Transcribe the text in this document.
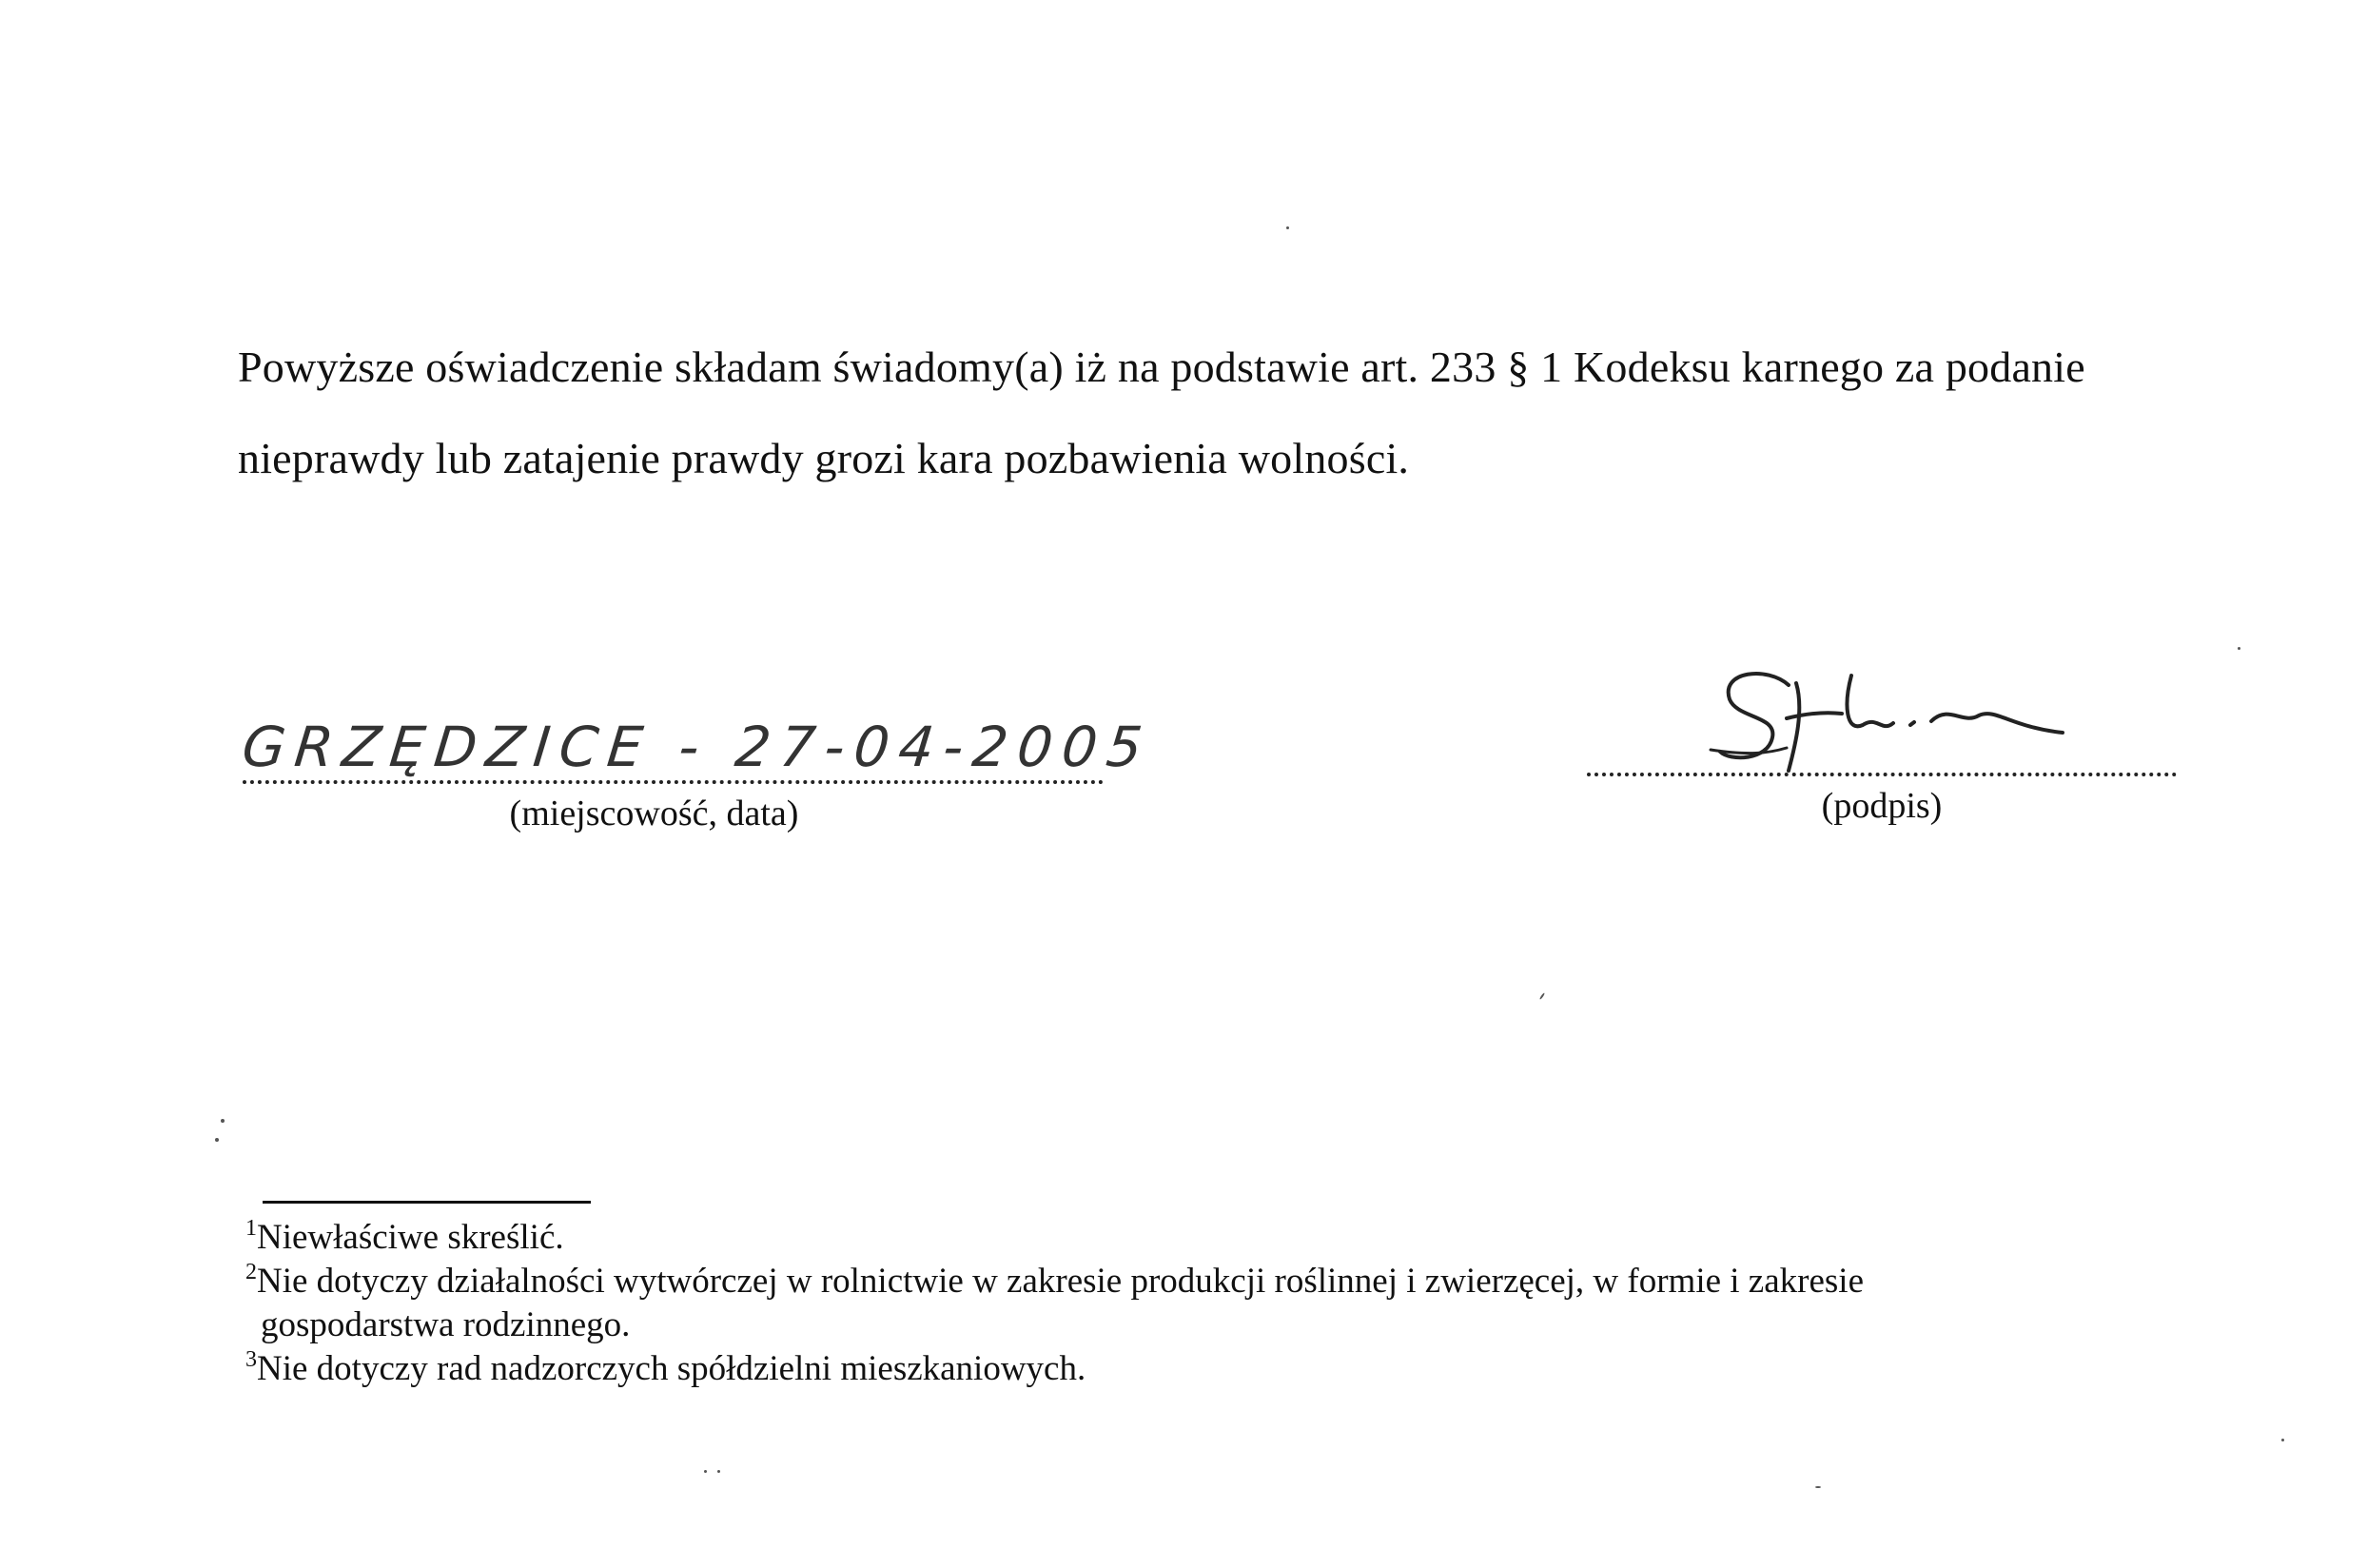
Powyższe oświadczenie składam świadomy(a) iż na podstawie art. 233 § 1 Kodeksu karnego za podanie
nieprawdy lub zatajenie prawdy grozi kara pozbawienia wolności.

GRZĘDZICE - 27-04-2005
(miejscowość, data)	(podpis)
$^1$Niewłaściwe skreślić.
$^2$Nie dotyczy działalności wytwórczej w rolnictwie w zakresie produkcji roślinnej i zwierzęcej, w formie i zakresie
gospodarstwa rodzinnego.
$^3$Nie dotyczy rad nadzorczych spółdzielni mieszkaniowych.
